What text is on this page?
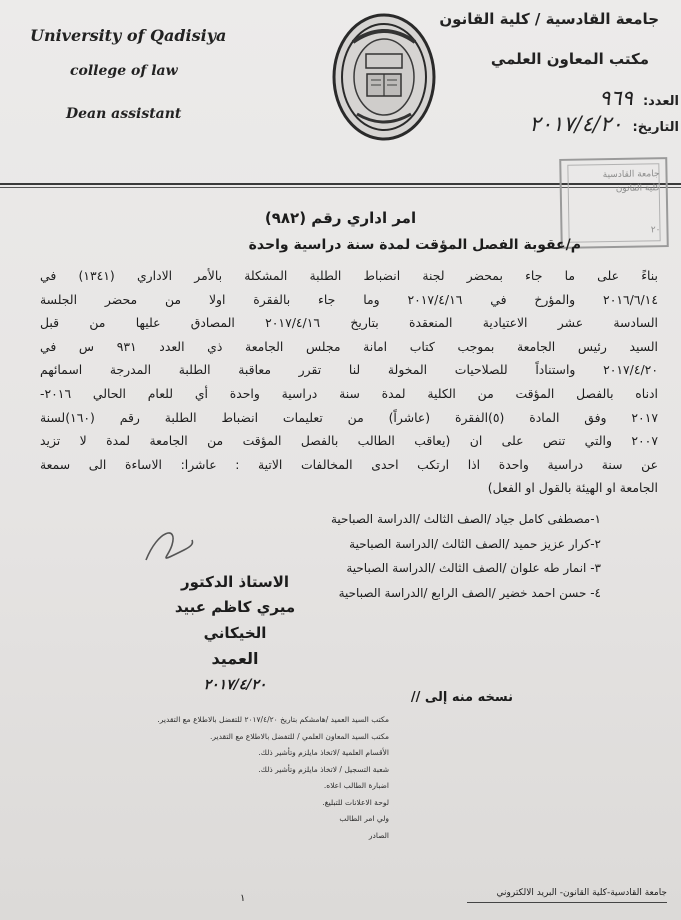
University of Qadisiya
college of law
Dean assistant
جامعة القادسية / كلية القانون
مكتب المعاون العلمي
العدد:٩٦٩
التاريخ:٢٠١٧/٤/٢٠
جامعة القادسية
كلية القانون
٢٠
امر اداري رقم (٩٨٢)
م/عقوبة الفصل المؤقت لمدة سنة دراسية واحدة
بناءً على ما جاء بمحضر لجنة انضباط الطلبة المشكلة بالأمر الاداري (١٣٤١) في
٢٠١٦/٦/١٤ والمؤرخ في ٢٠١٧/٤/١٦ وما جاء بالفقرة اولا من محضر الجلسة
السادسة عشر الاعتيادية المنعقدة بتاريخ ٢٠١٧/٤/١٦ المصادق عليها من قبل
السيد رئيس الجامعة بموجب كتاب امانة مجلس الجامعة ذي العدد ٩٣١ س في
٢٠١٧/٤/٢٠ واستناداً للصلاحيات المخولة لنا تقرر معاقبة الطلبة المدرجة اسمائهم
ادناه بالفصل المؤقت من الكلية لمدة سنة دراسية واحدة أي للعام الحالي ٢٠١٦-
٢٠١٧ وفق المادة (٥)الفقرة (عاشراً) من تعليمات انضباط الطلبة رقم (١٦٠)لسنة
٢٠٠٧ والتي تنص على ان (يعاقب الطالب بالفصل المؤقت من الجامعة لمدة لا تزيد
عن سنة دراسية واحدة اذا ارتكب احدى المخالفات الاتية : عاشرا: الاساءة الى سمعة
الجامعة او الهيئة بالقول او الفعل)
١-مصطفى كامل جياد /الصف الثالث /الدراسة الصباحية
٢-كرار عزيز حميد /الصف الثالث /الدراسة الصباحية
٣- انمار طه علوان /الصف الثالث /الدراسة الصباحية
٤- حسن احمد خضير /الصف الرابع /الدراسة الصباحية
الاستاذ الدكتور
ميري كاظم عبيد الخيكاني
العميد
٢٠١٧/٤/٢٠
نسخه منه إلى //
مكتب السيد العميد /هامشكم بتاريخ ٢٠١٧/٤/٢٠ للتفضل بالاطلاع مع التقدير.
مكتب السيد المعاون العلمي / للتفضل بالاطلاع مع التقدير.
الأقسام العلمية /لاتخاذ مايلزم وتأشير ذلك.
شعبة التسجيل / لاتخاذ مايلزم وتأشير ذلك.
اضبارة الطالب اعلاه.
لوحة الاعلانات للتبليغ.
ولي امر الطالب
الصادر
١	جامعة القادسية-كلية القانون- البريد الالكتروني
